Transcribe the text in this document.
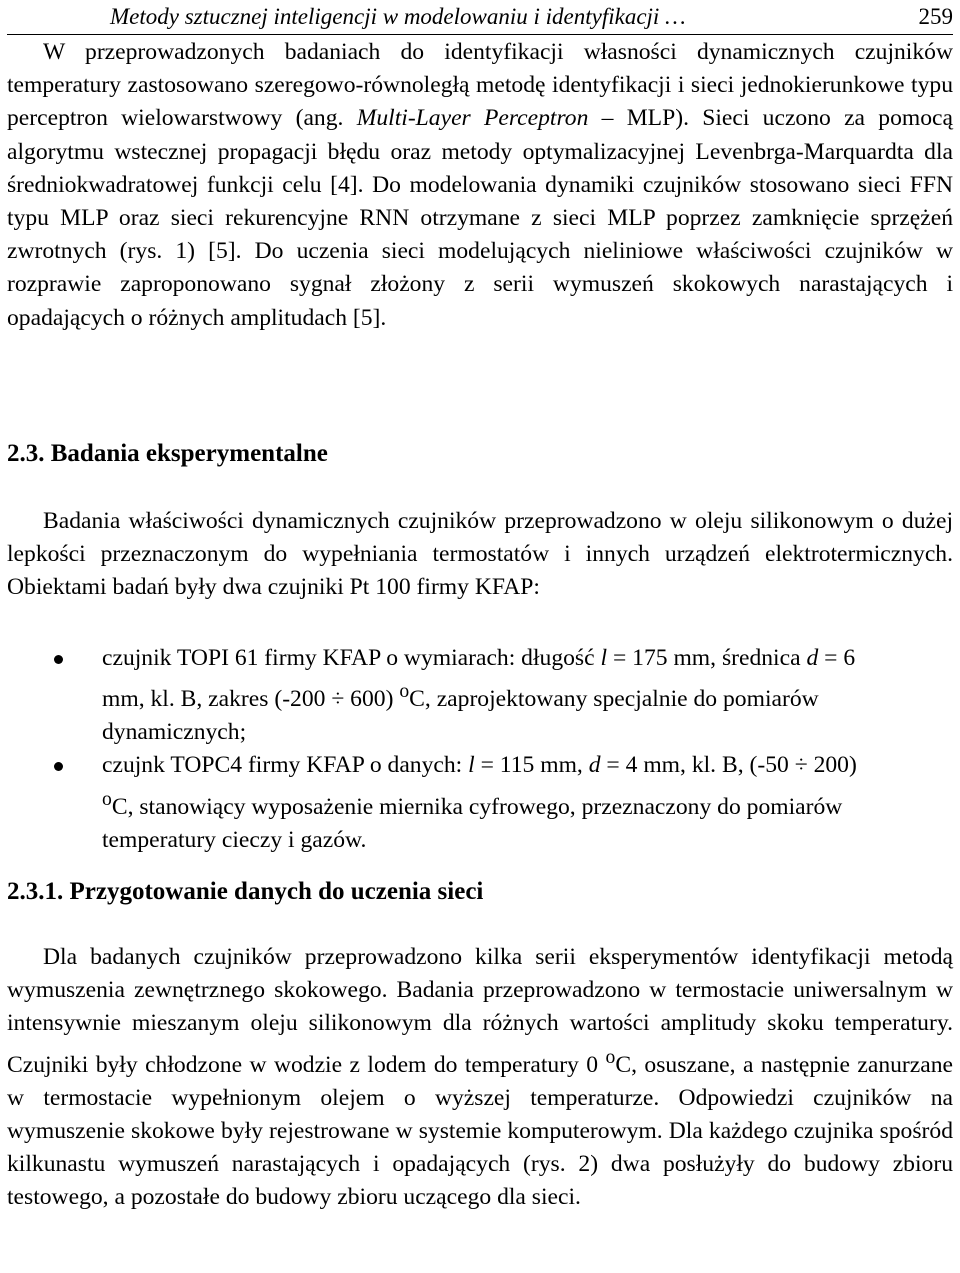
Metody sztucznej inteligencji w modelowaniu i identyfikacji …	259

W przeprowadzonych badaniach do identyfikacji własności dynamicznych czujników temperatury zastosowano szeregowo-równoległą metodę identyfikacji i sieci jednokierunkowe typu perceptron wielowarstwowy (ang. Multi-Layer Perceptron – MLP). Sieci uczono za pomocą algorytmu wstecznej propagacji błędu oraz metody optymalizacyjnej Levenbrga-Marquardta dla średniokwadratowej funkcji celu [4]. Do modelowania dynamiki czujników stosowano sieci FFN typu MLP oraz sieci rekurencyjne RNN otrzymane z sieci MLP poprzez zamknięcie sprzężeń zwrotnych (rys. 1) [5]. Do uczenia sieci modelujących nieliniowe właściwości czujników w rozprawie zaproponowano sygnał złożony z serii wymuszeń skokowych narastających i opadających o różnych amplitudach [5].

2.3. Badania eksperymentalne

Badania właściwości dynamicznych czujników przeprowadzono w oleju silikonowym o dużej lepkości przeznaczonym do wypełniania termostatów i innych urządzeń elektrotermicznych. Obiektami badań były dwa czujniki Pt 100 firmy KFAP:

czujnik TOPI 61 firmy KFAP o wymiarach: długość l = 175 mm, średnica d = 6 mm, kl. B, zakres (-200 ÷ 600) $^o$C, zaprojektowany specjalnie do pomiarów dynamicznych;
czujnk TOPC4 firmy KFAP o danych: l = 115 mm, d = 4 mm, kl. B, (-50 ÷ 200) $^o$C, stanowiący wyposażenie miernika cyfrowego, przeznaczony do pomiarów temperatury cieczy i gazów.
2.3.1. Przygotowanie danych do uczenia sieci

Dla badanych czujników przeprowadzono kilka serii eksperymentów identyfikacji metodą wymuszenia zewnętrznego skokowego. Badania przeprowadzono w termostacie uniwersalnym w intensywnie mieszanym oleju silikonowym dla różnych wartości amplitudy skoku temperatury. Czujniki były chłodzone w wodzie z lodem do temperatury 0 $^o$C, osuszane, a następnie zanurzane w termostacie wypełnionym olejem o wyższej temperaturze. Odpowiedzi czujników na wymuszenie skokowe były rejestrowane w systemie komputerowym. Dla każdego czujnika spośród kilkunastu wymuszeń narastających i opadających (rys. 2) dwa posłużyły do budowy zbioru testowego, a pozostałe do budowy zbioru uczącego dla sieci.
